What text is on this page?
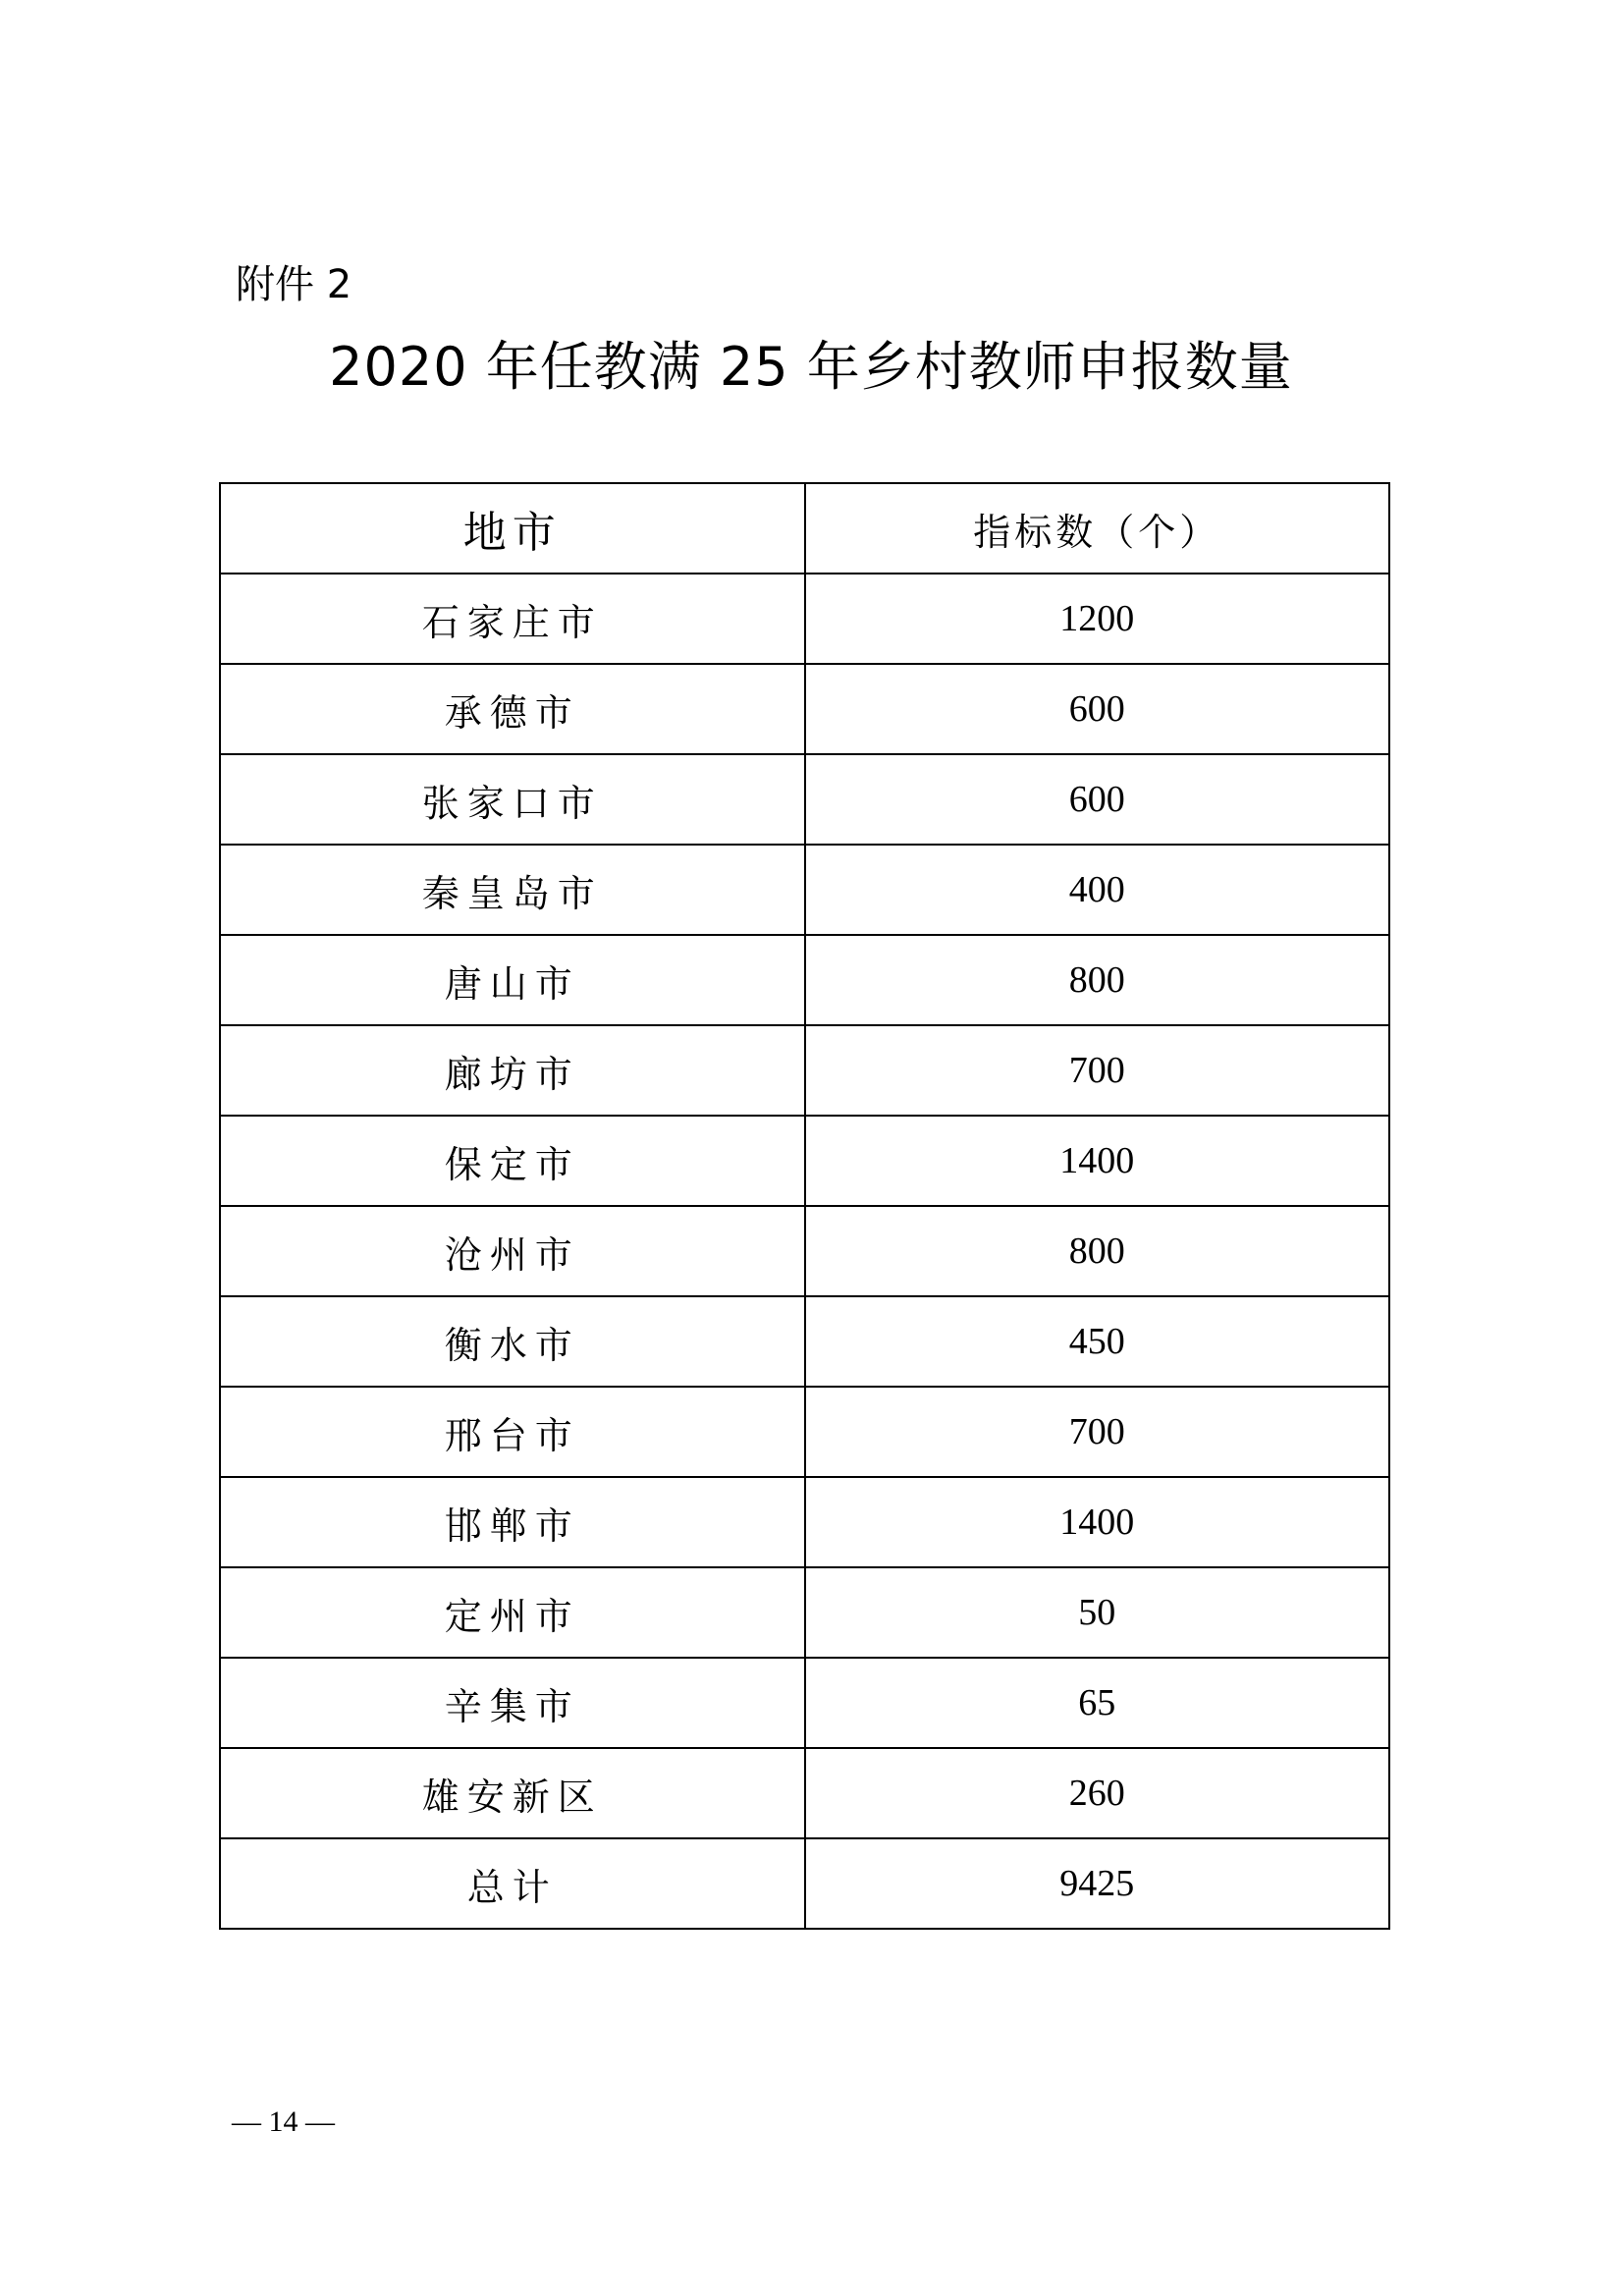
附件 2
2020 年任教满 25 年乡村教师申报数量
地市	指标数（个）
石家庄市	1200
承德市	600
张家口市	600
秦皇岛市	400
唐山市	800
廊坊市	700
保定市	1400
沧州市	800
衡水市	450
邢台市	700
邯郸市	1400
定州市	50
辛集市	65
雄安新区	260
总计	9425
— 14 —
